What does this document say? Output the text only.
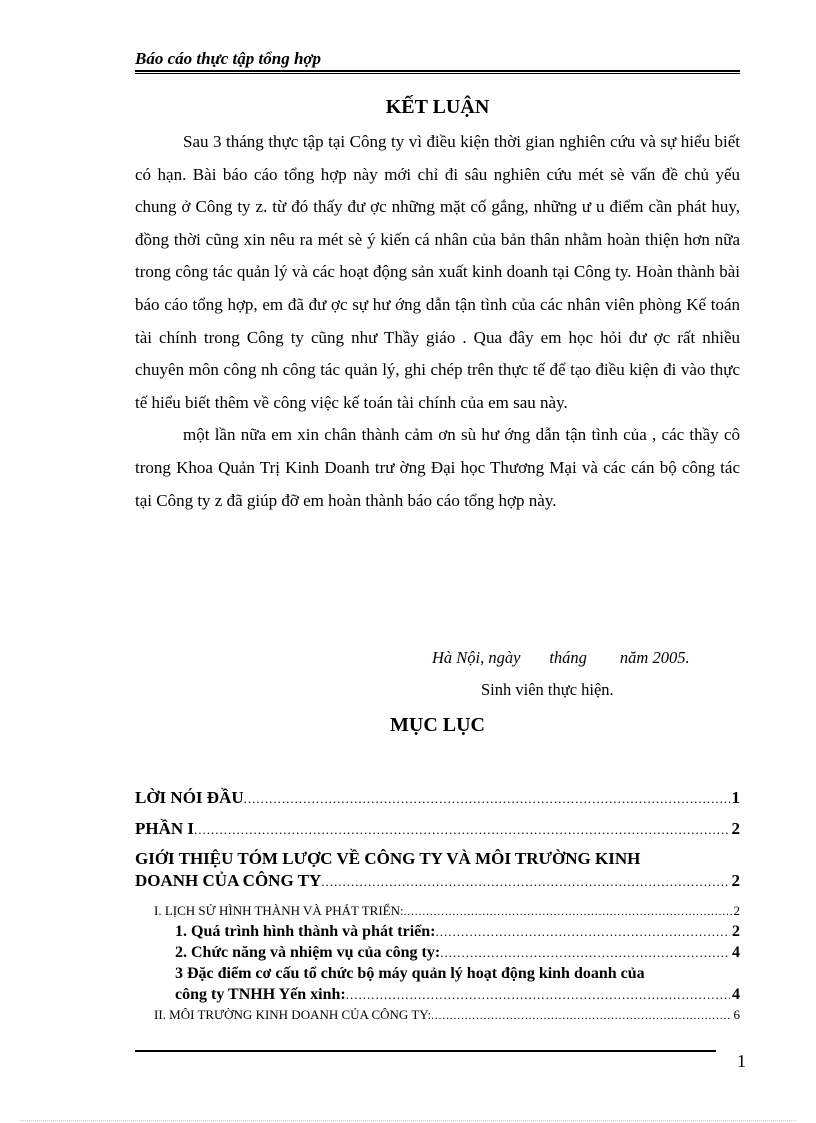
Báo cáo thực tập tổng hợp
KẾT LUẬN

Sau 3 tháng thực tập tại Công ty vì điều kiện thời gian nghiên cứu và sự hiểu biết có hạn. Bài báo cáo tổng hợp này mới chỉ đi sâu nghiên cứu mét sè vấn đề chủ yếu chung ở Công ty z. từ đó thấy đư ợc những mặt cố gắng, những ư u điểm cần phát huy, đồng thời cũng xin nêu ra mét sè ý kiến cá nhân của bản thân nhằm hoàn thiện hơn nữa trong công tác quản lý và các hoạt động sản xuất kinh doanh tại Công ty. Hoàn thành bài báo cáo tổng hợp, em đã đư ợc sự hư ớng dẫn tận tình của các nhân viên phòng Kế toán tài chính trong Công ty cũng như Thầy giáo . Qua đây em học hỏi đư ợc rất nhiều chuyên môn công nh công tác quản lý, ghi chép trên thực tế để tạo điều kiện đi vào thực tế hiểu biết thêm về công việc kế toán tài chính của em sau này.

một lần nữa em xin chân thành cảm ơn sù hư ớng dẫn tận tình của , các thầy cô trong Khoa Quản Trị Kinh Doanh trư ờng Đại học Thương Mại và các cán bộ công tác tại Công ty z đã giúp đỡ em hoàn thành báo cáo tổng hợp này.

Hà Nội, ngày       tháng        năm 2005.
Sinh viên thực hiện.
MỤC LỤC
LỜI NÓI ĐẦU .....	1
PHẦN I .....	2
GIỚI THIỆU TÓM LƯỢC VỀ CÔNG TY VÀ MÔI TRƯỜNG KINH
DOANH CỦA CÔNG TY .....	2
I. LỊCH SỬ HÌNH THÀNH VÀ PHÁT TRIỂN: .....	2
1. Quá trình hình thành và phát triển: .....	2
2. Chức năng và nhiệm vụ của công ty: .....	4
3 Đặc điểm cơ cấu tổ chức bộ máy quản lý hoạt động kinh doanh của
công ty TNHH Yến xinh: .....	4
II. MÔI TRƯỜNG KINH DOANH CỦA CÔNG TY: .....	6
1
